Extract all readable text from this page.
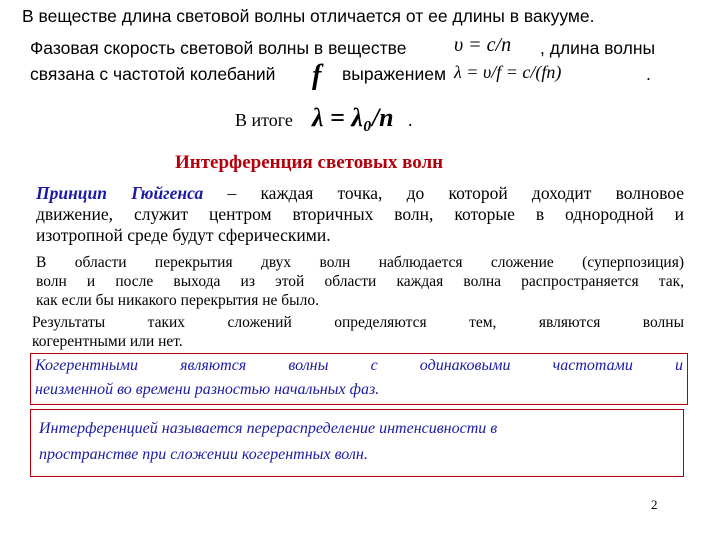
В веществе длина световой волны отличается от ее длины в вакууме.
Фазовая скорость световой волны в веществе υ = c/n , длина волны
связана с частотой колебаний f выражением λ = υ/f = c/(fn)	.
В итоге λ = λ₀/n .
Интерференция световых волн
Принцип Гюйгенса – каждая точка, до которой доходит волновое
движение, служит центром вторичных волн, которые в однородной и
изотропной среде будут сферическими.
В области перекрытия двух волн наблюдается сложение (суперпозиция)
волн и после выхода из этой области каждая волна распространяется так,
как если бы никакого перекрытия не было.
Результаты таких сложений определяются тем, являются волны
когерентными или нет.
Когерентными являются волны с одинаковыми частотами и
неизменной во времени разностью начальных фаз.
Интерференцией называется перераспределение интенсивности в
пространстве при сложении когерентных волн.
2
